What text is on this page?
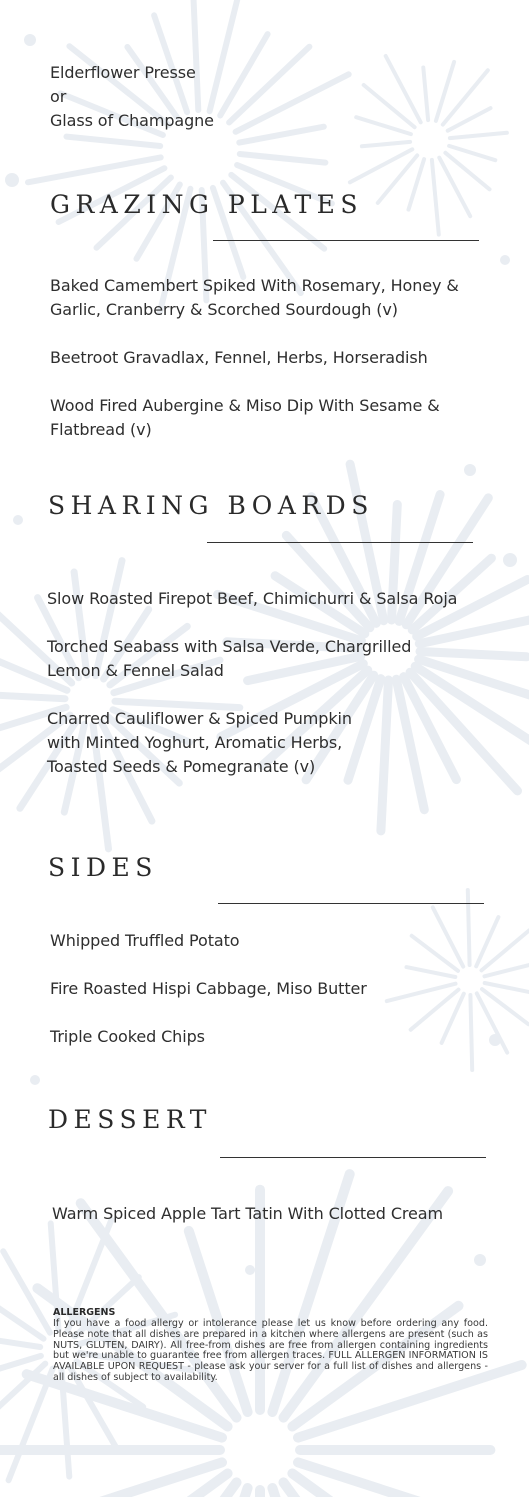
Elderflower Presse

or

Glass of Champagne

GRAZING PLATES

Baked Camembert Spiked With Rosemary, Honey &

Garlic, Cranberry & Scorched Sourdough (v)

Beetroot Gravadlax, Fennel, Herbs, Horseradish

Wood Fired Aubergine & Miso Dip With Sesame &

Flatbread (v)

SHARING BOARDS

Slow Roasted Firepot Beef, Chimichurri & Salsa Roja

Torched Seabass with Salsa Verde, Chargrilled

Lemon & Fennel Salad

Charred Cauliflower & Spiced Pumpkin

with Minted Yoghurt, Aromatic Herbs,

Toasted Seeds & Pomegranate (v)

SIDES

Whipped Truffled Potato

Fire Roasted Hispi Cabbage, Miso Butter

Triple Cooked Chips

DESSERT

Warm Spiced Apple Tart Tatin With Clotted Cream

ALLERGENS

If you have a food allergy or intolerance please let us know before ordering any food. Please note that all dishes are prepared in a kitchen where allergens are present (such as NUTS, GLUTEN, DAIRY). All free-from dishes are free from allergen containing ingredients but we're unable to guarantee free from allergen traces. FULL ALLERGEN INFORMATION IS AVAILABLE UPON REQUEST - please ask your server for a full list of dishes and allergens - all dishes of subject to availability.
